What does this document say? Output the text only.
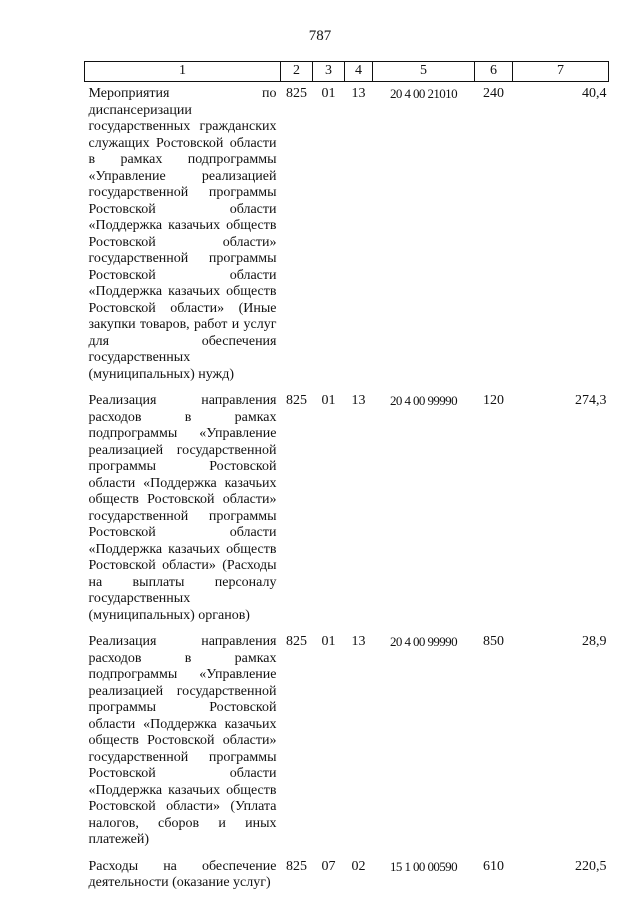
787
1	2	3	4	5	6	7
Мероприятия по диспансеризации государственных гражданских служащих Ростовской области в рамках подпрограммы «Управление реализацией государственной программы Ростовской области «Поддержка казачьих обществ Ростовской области» государственной программы Ростовской области «Поддержка казачьих обществ Ростовской области» (Иные закупки товаров, работ и услуг для обеспечения государственных (муниципальных) нужд)	825	01	13	20 4 00 21010	240	40,4
Реализация направления расходов в рамках подпрограммы «Управление реализацией государственной программы Ростовской области «Поддержка казачьих обществ Ростовской области» государственной программы Ростовской области «Поддержка казачьих обществ Ростовской области» (Расходы на выплаты персоналу государственных (муниципальных) органов)	825	01	13	20 4 00 99990	120	274,3
Реализация направления расходов в рамках подпрограммы «Управление реализацией государственной программы Ростовской области «Поддержка казачьих обществ Ростовской области» государственной программы Ростовской области «Поддержка казачьих обществ Ростовской области» (Уплата налогов, сборов и иных платежей)	825	01	13	20 4 00 99990	850	28,9
Расходы на обеспечение деятельности (оказание услуг)	825	07	02	15 1 00 00590	610	220,5
